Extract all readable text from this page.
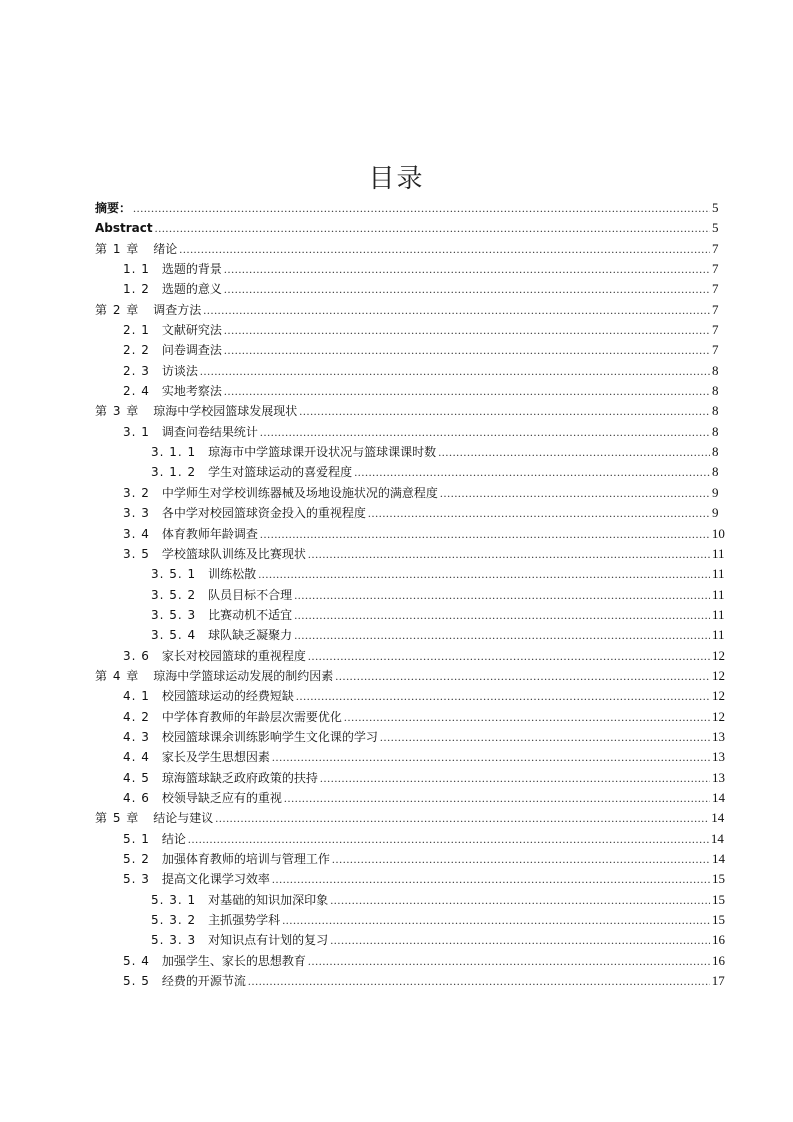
目录
摘要： .....	5
Abstract .....	5
第 1 章 绪论 .....	7
1. 1 选题的背景 .....	7
1. 2 选题的意义 .....	7
第 2 章 调查方法 .....	7
2. 1 文献研究法 .....	7
2. 2 问卷调查法 .....	7
2. 3 访谈法 .....	8
2. 4 实地考察法 .....	8
第 3 章 琼海中学校园篮球发展现状 .....	8
3. 1 调查问卷结果统计 .....	8
3. 1. 1 琼海市中学篮球课开设状况与篮球课课时数 .....	8
3. 1. 2 学生对篮球运动的喜爱程度 .....	8
3. 2 中学师生对学校训练器械及场地设施状况的满意程度 .....	9
3. 3 各中学对校园篮球资金投入的重视程度 .....	9
3. 4 体育教师年龄调查 .....	10
3. 5 学校篮球队训练及比赛现状 .....	11
3. 5. 1 训练松散 .....	11
3. 5. 2 队员目标不合理 .....	11
3. 5. 3 比赛动机不适宜 .....	11
3. 5. 4 球队缺乏凝聚力 .....	11
3. 6 家长对校园篮球的重视程度 .....	12
第 4 章 琼海中学篮球运动发展的制约因素 .....	12
4. 1 校园篮球运动的经费短缺 .....	12
4. 2 中学体育教师的年龄层次需要优化 .....	12
4. 3 校园篮球课余训练影响学生文化课的学习 .....	13
4. 4 家长及学生思想因素 .....	13
4. 5 琼海篮球缺乏政府政策的扶持 .....	13
4. 6 校领导缺乏应有的重视 .....	14
第 5 章 结论与建议 .....	14
5. 1 结论 .....	14
5. 2 加强体育教师的培训与管理工作 .....	14
5. 3 提高文化课学习效率 .....	15
5. 3. 1 对基础的知识加深印象 .....	15
5. 3. 2 主抓强势学科 .....	15
5. 3. 3 对知识点有计划的复习 .....	16
5. 4 加强学生、家长的思想教育 .....	16
5. 5 经费的开源节流 .....	17
